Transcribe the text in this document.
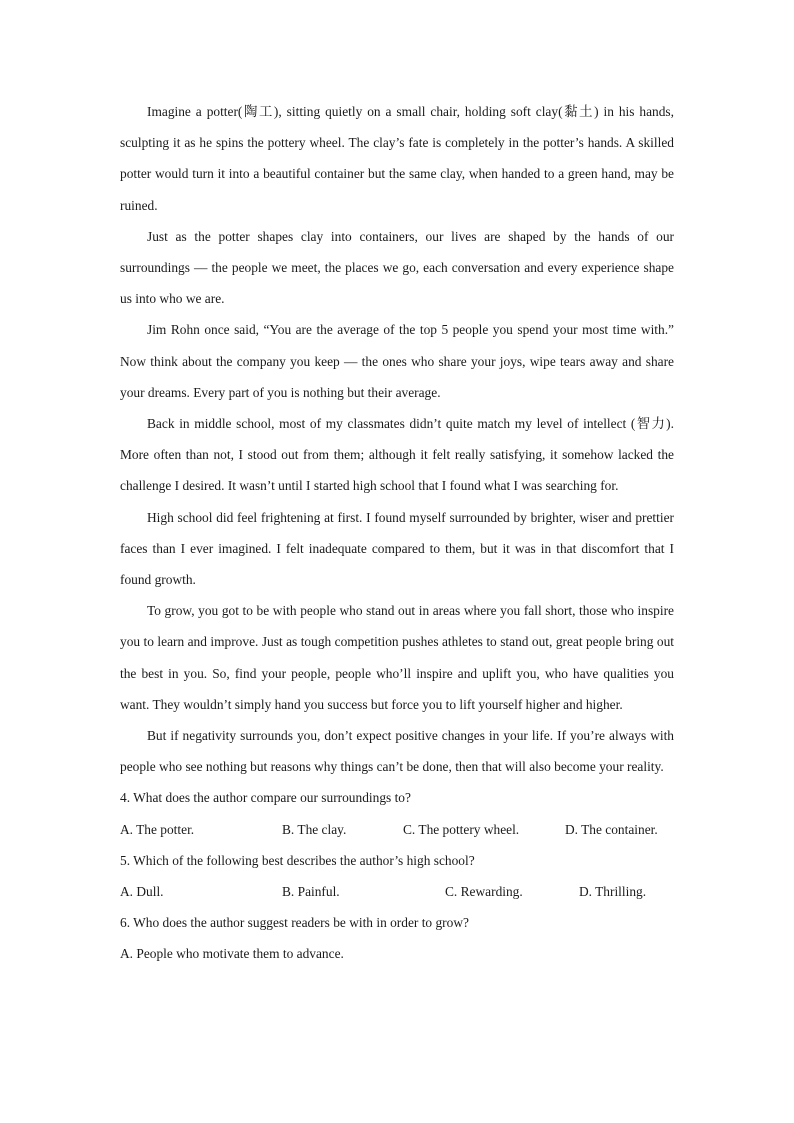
Imagine a potter(陶工), sitting quietly on a small chair, holding soft clay(黏土) in his hands, sculpting it as he spins the pottery wheel. The clay’s fate is completely in the potter’s hands. A skilled potter would turn it into a beautiful container but the same clay, when handed to a green hand, may be ruined.

Just as the potter shapes clay into containers, our lives are shaped by the hands of our surroundings — the people we meet, the places we go, each conversation and every experience shape us into who we are.

Jim Rohn once said, “You are the average of the top 5 people you spend your most time with.” Now think about the company you keep — the ones who share your joys, wipe tears away and share your dreams. Every part of you is nothing but their average.

Back in middle school, most of my classmates didn’t quite match my level of intellect (智力). More often than not, I stood out from them; although it felt really satisfying, it somehow lacked the challenge I desired. It wasn’t until I started high school that I found what I was searching for.

High school did feel frightening at first. I found myself surrounded by brighter, wiser and prettier faces than I ever imagined. I felt inadequate compared to them, but it was in that discomfort that I found growth.

To grow, you got to be with people who stand out in areas where you fall short, those who inspire you to learn and improve. Just as tough competition pushes athletes to stand out, great people bring out the best in you. So, find your people, people who’ll inspire and uplift you, who have qualities you want. They wouldn’t simply hand you success but force you to lift yourself higher and higher.

But if negativity surrounds you, don’t expect positive changes in your life. If you’re always with people who see nothing but reasons why things can’t be done, then that will also become your reality.

4. What does the author compare our surroundings to?

A. The potter.	B. The clay.	C. The pottery wheel.	D. The container.

5. Which of the following best describes the author’s high school?

A. Dull.	B. Painful.	C. Rewarding.	D. Thrilling.

6. Who does the author suggest readers be with in order to grow?

A. People who motivate them to advance.
